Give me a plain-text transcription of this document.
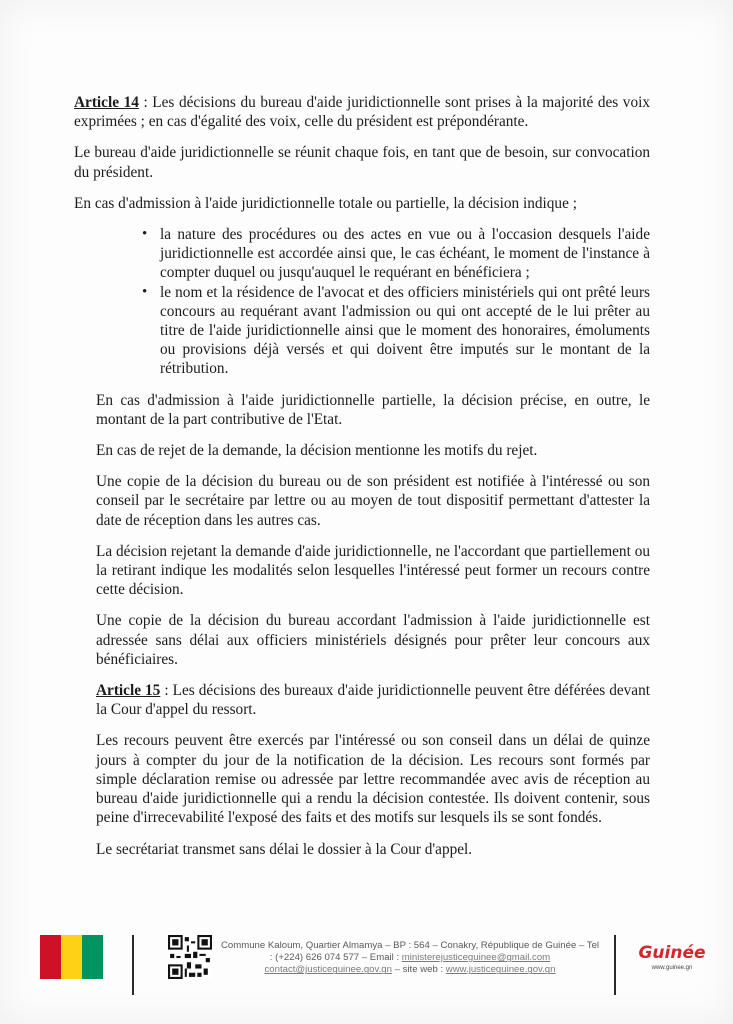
Article 14 : Les décisions du bureau d'aide juridictionnelle sont prises à la majorité des voix exprimées ; en cas d'égalité des voix, celle du président est prépondérante.

Le bureau d'aide juridictionnelle se réunit chaque fois, en tant que de besoin, sur convocation du président.

En cas d'admission à l'aide juridictionnelle totale ou partielle, la décision indique ;

• la nature des procédures ou des actes en vue ou à l'occasion desquels l'aide juridictionnelle est accordée ainsi que, le cas échéant, le moment de l'instance à compter duquel ou jusqu'auquel le requérant en bénéficiera ;
• le nom et la résidence de l'avocat et des officiers ministériels qui ont prêté leurs concours au requérant avant l'admission ou qui ont accepté de le lui prêter au titre de l'aide juridictionnelle ainsi que le moment des honoraires, émoluments ou provisions déjà versés et qui doivent être imputés sur le montant de la rétribution.

En cas d'admission à l'aide juridictionnelle partielle, la décision précise, en outre, le montant de la part contributive de l'Etat.

En cas de rejet de la demande, la décision mentionne les motifs du rejet.

Une copie de la décision du bureau ou de son président est notifiée à l'intéressé ou son conseil par le secrétaire par lettre ou au moyen de tout dispositif permettant d'attester la date de réception dans les autres cas.

La décision rejetant la demande d'aide juridictionnelle, ne l'accordant que partiellement ou la retirant indique les modalités selon lesquelles l'intéressé peut former un recours contre cette décision.

Une copie de la décision du bureau accordant l'admission à l'aide juridictionnelle est adressée sans délai aux officiers ministériels désignés pour prêter leur concours aux bénéficiaires.

Article 15 : Les décisions des bureaux d'aide juridictionnelle peuvent être déférées devant la Cour d'appel du ressort.

Les recours peuvent être exercés par l'intéressé ou son conseil dans un délai de quinze jours à compter du jour de la notification de la décision. Les recours sont formés par simple déclaration remise ou adressée par lettre recommandée avec avis de réception au bureau d'aide juridictionnelle qui a rendu la décision contestée. Ils doivent contenir, sous peine d'irrecevabilité l'exposé des faits et des motifs sur lesquels ils se sont fondés.

Le secrétariat transmet sans délai le dossier à la Cour d'appel.

Commune Kaloum, Quartier Almamya – BP : 564 – Conakry, République de Guinée – Tel : (+224) 626 074 577 – Email : ministerejusticeguinee@gmail.com
contact@justiceguinee.gov.gn – site web : www.justiceguinee.gov.gn
Guinée
www.guinee.gn
